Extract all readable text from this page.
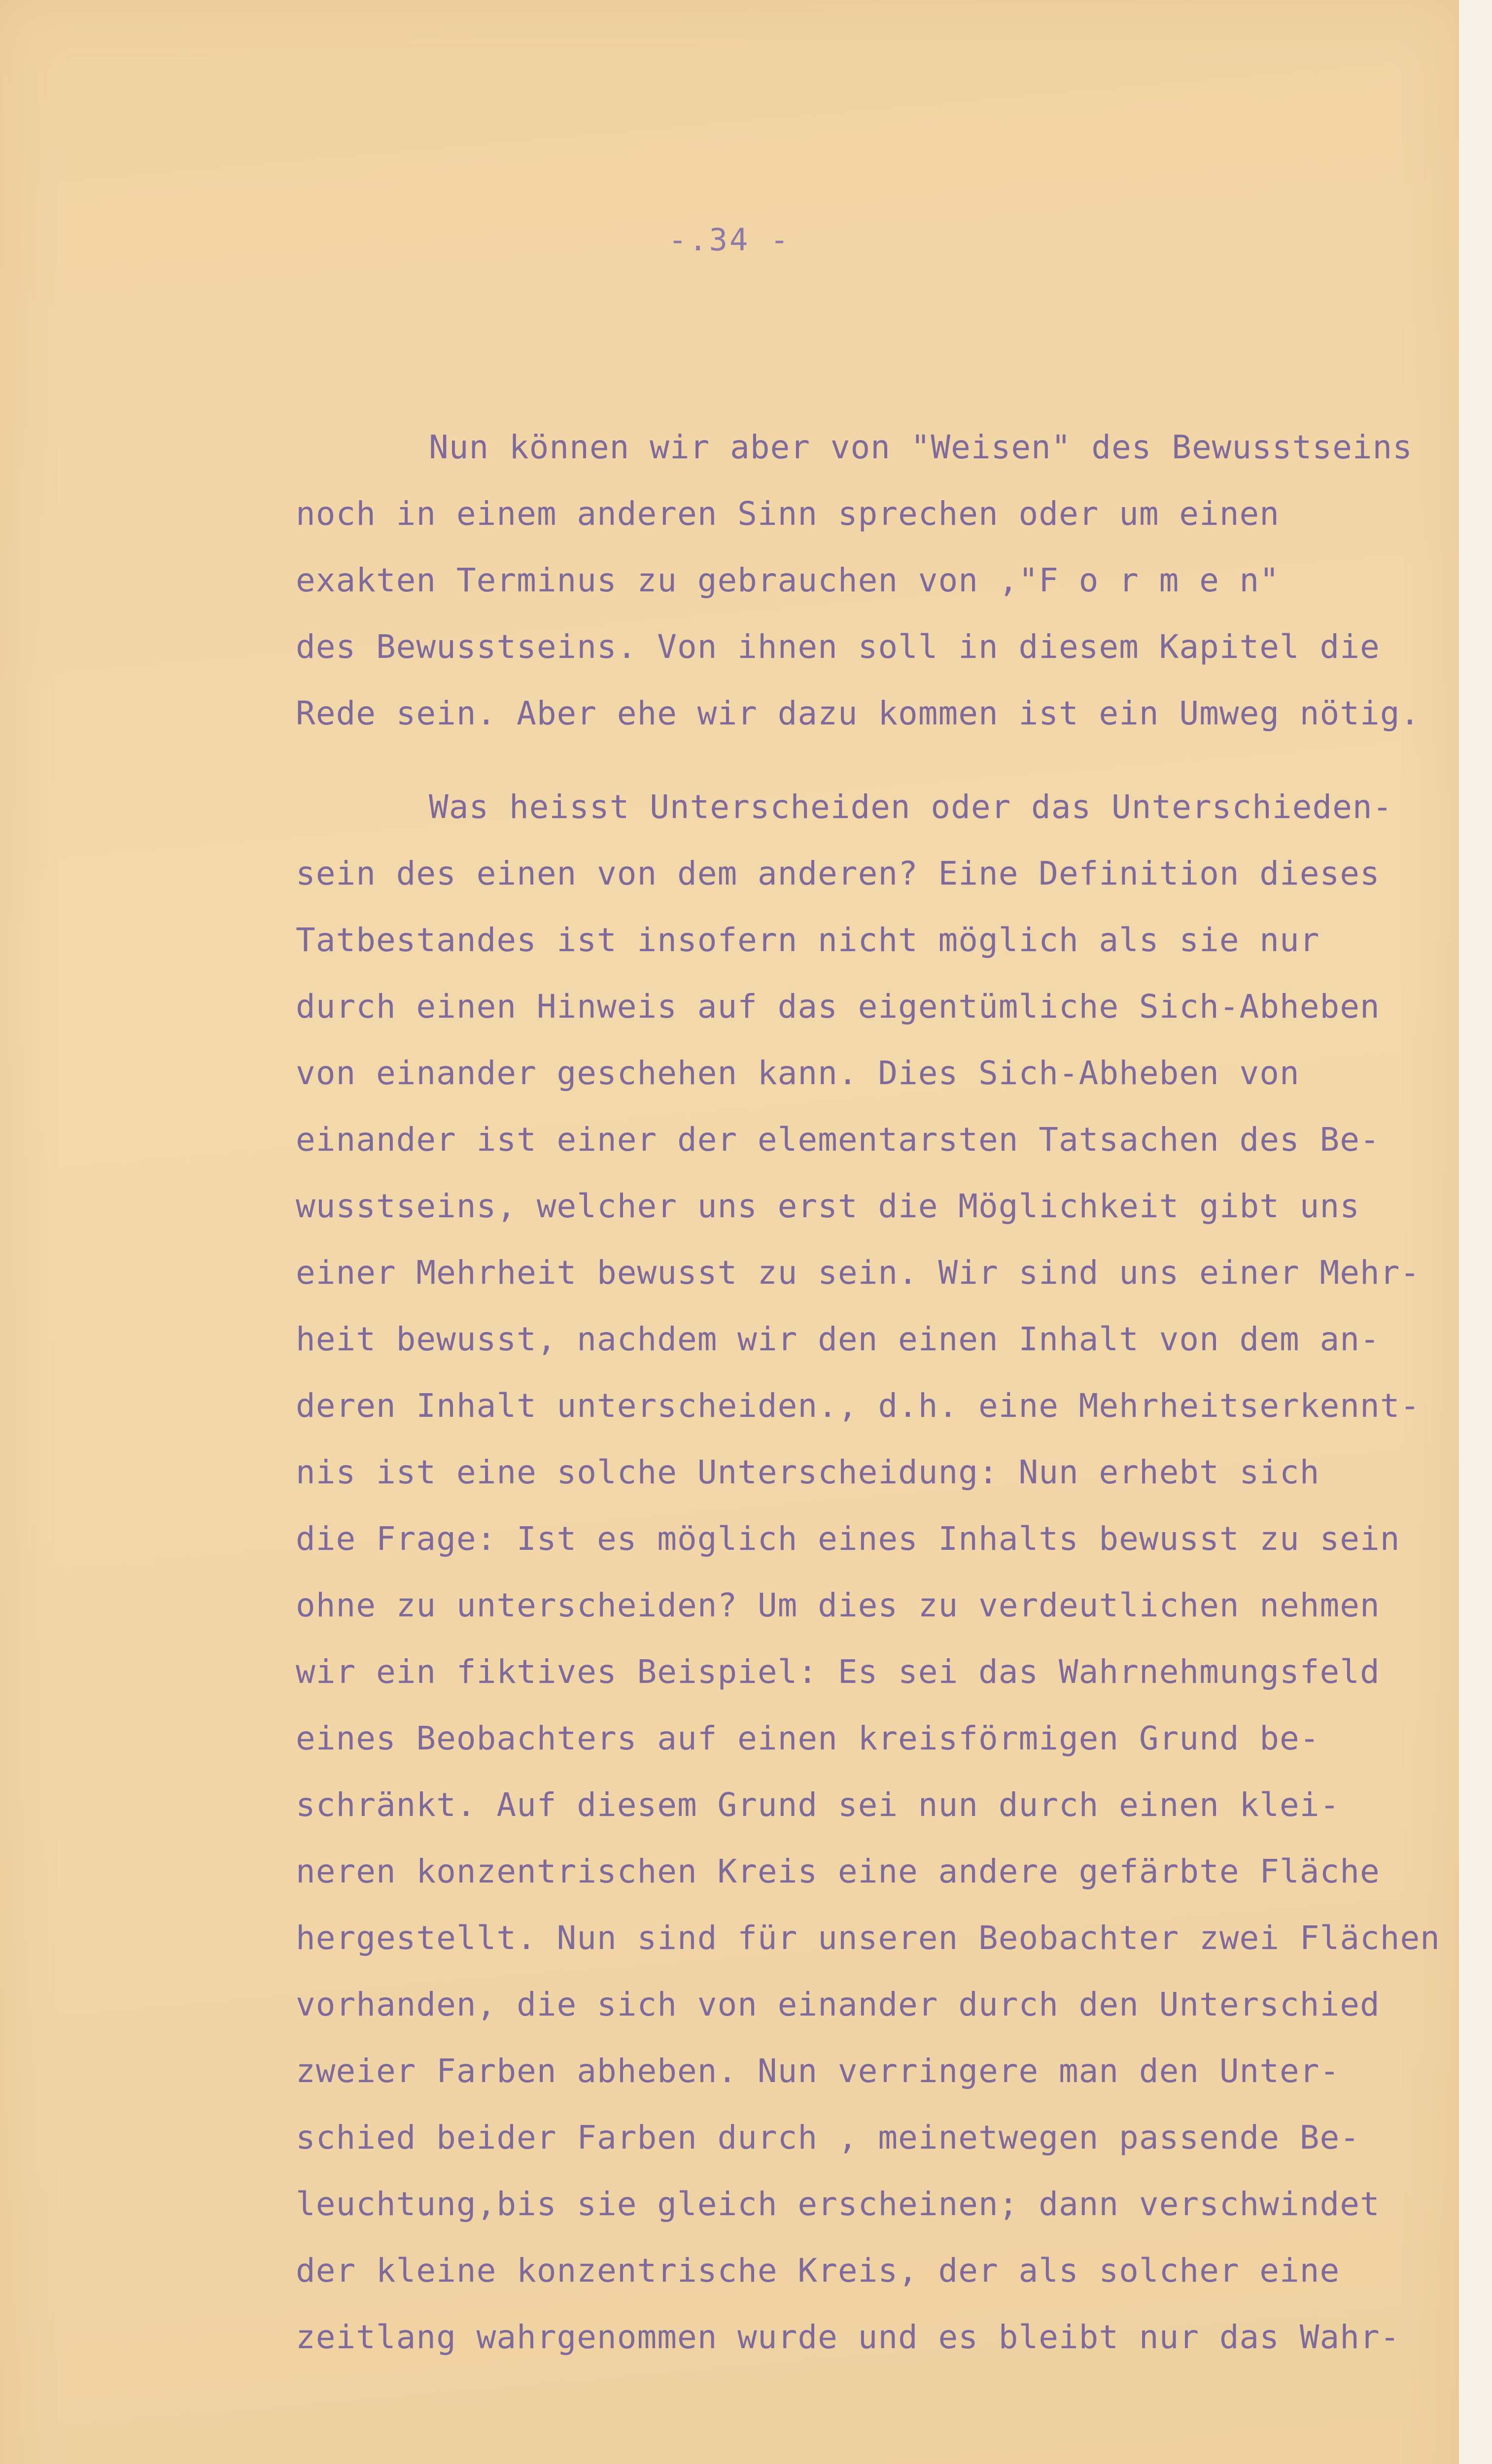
-.34 -
Nun können wir aber von "Weisen" des Bewusstseins
noch in einem anderen Sinn sprechen oder um einen
exakten Terminus zu gebrauchen von ,"F o r m e n"
des Bewusstseins. Von ihnen soll in diesem Kapitel die
Rede sein. Aber ehe wir dazu kommen ist ein Umweg nötig.
Was heisst Unterscheiden oder das Unterschieden-
sein des einen von dem anderen? Eine Definition dieses
Tatbestandes ist insofern nicht möglich als sie nur
durch einen Hinweis auf das eigentümliche Sich-Abheben
von einander geschehen kann. Dies Sich-Abheben von
einander ist einer der elementarsten Tatsachen des Be-
wusstseins, welcher uns erst die Möglichkeit gibt uns
einer Mehrheit bewusst zu sein. Wir sind uns einer Mehr-
heit bewusst, nachdem wir den einen Inhalt von dem an-
deren Inhalt unterscheiden., d.h. eine Mehrheitserkennt-
nis ist eine solche Unterscheidung: Nun erhebt sich
die Frage: Ist es möglich eines Inhalts bewusst zu sein
ohne zu unterscheiden? Um dies zu verdeutlichen nehmen
wir ein fiktives Beispiel: Es sei das Wahrnehmungsfeld
eines Beobachters auf einen kreisförmigen Grund be-
schränkt. Auf diesem Grund sei nun durch einen klei-
neren konzentrischen Kreis eine andere gefärbte Fläche
hergestellt. Nun sind für unseren Beobachter zwei Flächen
vorhanden, die sich von einander durch den Unterschied
zweier Farben abheben. Nun verringere man den Unter-
schied beider Farben durch , meinetwegen passende Be-
leuchtung,bis sie gleich erscheinen; dann verschwindet
der kleine konzentrische Kreis, der als solcher eine
zeitlang wahrgenommen wurde und es bleibt nur das Wahr-
